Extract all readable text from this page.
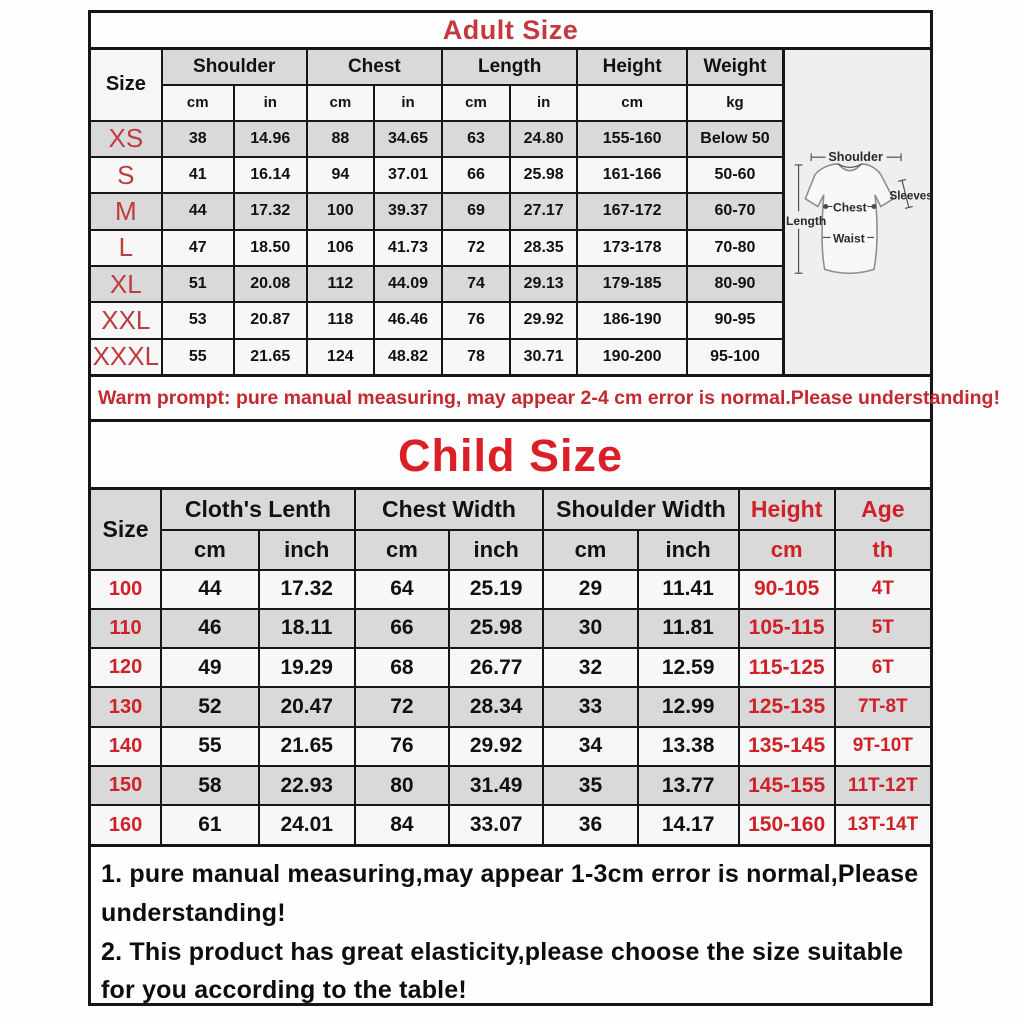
Adult Size
Size	Shoulder		Chest		Length		Height	Weight
	cm	in	cm	in	cm	in	cm	kg
XS	38	14.96	88	34.65	63	24.80	155-160	Below 50
S	41	16.14	94	37.01	66	25.98	161-166	50-60
M	44	17.32	100	39.37	69	27.17	167-172	60-70
L	47	18.50	106	41.73	72	28.35	173-178	70-80
XL	51	20.08	112	44.09	74	29.13	179-185	80-90
XXL	53	20.87	118	46.46	76	29.92	186-190	90-95
XXXL	55	21.65	124	48.82	78	30.71	190-200	95-100
Shoulder
Length
Sleeves
Chest
Waist
Warm prompt: pure manual measuring, may appear 2-4 cm error is normal.Please understanding!
Child Size
Size	Cloth's Lenth		Chest Width		Shoulder Width		Height	Age
	cm	inch	cm	inch	cm	inch	cm	th
100	44	17.32	64	25.19	29	11.41	90-105	4T
110	46	18.11	66	25.98	30	11.81	105-115	5T
120	49	19.29	68	26.77	32	12.59	115-125	6T
130	52	20.47	72	28.34	33	12.99	125-135	7T-8T
140	55	21.65	76	29.92	34	13.38	135-145	9T-10T
150	58	22.93	80	31.49	35	13.77	145-155	11T-12T
160	61	24.01	84	33.07	36	14.17	150-160	13T-14T

1. pure manual measuring,may appear 1-3cm error is normal,Please understanding!

2. This product has great elasticity,please choose the size suitable for you according to the table!
